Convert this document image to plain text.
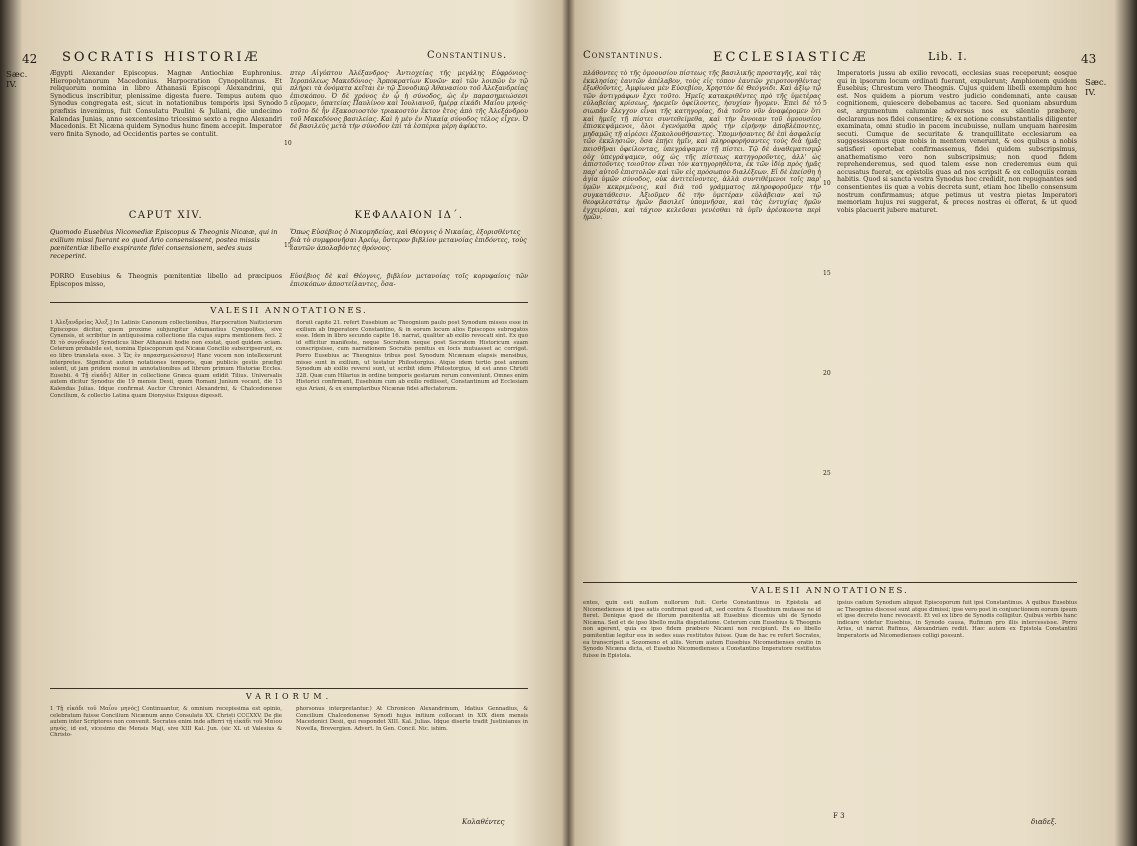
42 SOCRATIS HISTORIÆ	Constantinus.
Sæc. IV.
Ægypti Alexander Episcopus. Magnæ Antiochiæ Euphronius. Hieropolytanorum Macedonius. Harpocration Cynopolitanus. Et reliquorum nomina in libro Athanasii Episcopi Alexandrini, qui Synodicus inscribitur, plenissime digesta fuere. Tempus autem quo Synodus congregata est, sicut in notationibus temporis ipsi Synodo præfixis invenimus, fuit Consulatu Paulini & Juliani, die undecimo Kalendas Junias, anno sexcentesimo tricesimo sexto a regno Alexandri Macedonis. Et Nicæna quidem Synodus hunc finem accepit. Imperator vero finita Synodo, ad Occidentis partes se contulit.
πτερ Αἰγύπτου Ἀλέξανδρος· Ἀντιοχείας τῆς μεγάλης Εὐφρόνιος· Ἱεροπόλεως Μακεδόνιος· Ἁρποκρατίων Κυνῶν· καὶ τῶν λοιπῶν ἐν τῷ πλήρει τὰ ὀνόματα κεῖται ἐν τῷ Συνοδικῷ Ἀθανασίου τοῦ Ἀλεξανδρείας ἐπισκόπου. Ὁ δὲ χρόνος ἐν ᾧ ἡ σύνοδος, ὡς ἐν παρασημειώσεσι εὕρομεν, ὑπατείας Παυλίνου καὶ Ἰουλιανοῦ, ἡμέρᾳ εἰκάδι Μαΐου μηνός· τοῦτο δὲ ἦν ἑξακοσιοστὸν τριακοστὸν ἕκτον ἔτος ἀπὸ τῆς Ἀλεξάνδρου τοῦ Μακεδόνος βασιλείας. Καὶ ἡ μὲν ἐν Νικαίᾳ σύνοδος τέλος εἶχεν. Ὁ δὲ βασιλεὺς μετὰ τὴν σύνοδον ἐπὶ τὰ ἑσπέρια μέρη ἀφίκετο.
CAPUT XIV.	ΚΕΦΑΛΑΙΟΝ ΙΔ΄.
Quomodo Eusebius Nicomediæ Episcopus & Theognis Nicææ, qui in exilium missi fuerant eo quod Ario consensissent, postea missis pœnitentiæ libello exspirante fidei consensionem, sedes suas receperint.
Ὅπως Εὐσέβιος ὁ Νικομηδείας, καὶ Θέογνις ὁ Νικαίας, ἐξορισθέντες διὰ τὸ συμφρονῆσαι Ἀρείῳ, ὕστερον βιβλίον μετανοίας ἐπιδόντες, τοὺς ἑαυτῶν ἀπολαβόντες θρόνους.
PORRO Eusebius & Theognis pœnitentiæ libello ad præcipuos Episcopos misso,
Εὐσέβιος δὲ καὶ Θέογνις, βιβλίον μετανοίας τοῖς κορυφαίοις τῶν ἐπισκόπων ἀποστείλαντες, ὅσα-
VALESII ANNOTATIONES.
1 Ἀλεξανδρείας Ἀλεξ.] In Latinis Canonum collectionibus, Harpocration Naiticiorum Episcopus dicitur, quem proxime subjungitur Adamantius Cynopolites, sive Cynensis, ut scribitur in antiquissima collectione illa cujus supra mentionem feci. 2 Et τὸ συνοδικόν] Synodicus liber Athanasii hodie non exstat, quod quidem sciam. Ceterum probabile est, nomina Episcoporum qui Nicææ Concilio subscripserunt, ex eo libro translata esse. 3 Ὥς ἐν παρασημειώσεσιν] Hanc vocem non intellexerunt interpretes. Significat autem notationes temporis, quæ publicis gestis præfigi solent, ut jam pridem monui in annotationibus ad librum primum Historiæ Eccles. Eusebii. 4 Τῇ εἰκάδι] Aliter in collectione Græca quam edidit Tilius. Universalis autem dicitur Synodus die 19 mensis Desii, quem Romani Junium vocant, die 13 Kalendas Julias. Idque confirmat Auctor Chronici Alexandrini, & Chalcedonense Concilium, & collectio Latina quam Dionysius Exiguus digessit.
floruit capite 21. refert Eusebium ac Theognium paulo post Synodum missos esse in exilium ab Imperatore Constantino, & in eorum locum alios Episcopos subrogatos esse. Idem in libro secundo capite 16. narrat, qualiter ab exilio revocati sint. Ex quo id efficitur manifeste, neque Socratem neque post Socratem Historicum suam conscripsisse, cum narrationem Socratis penitus ex locis mutuasset ac corrigat. Porro Eusebius ac Theognius tribus post Synodum Nicænam elapsis mensibus, misso sunt in exilium, ut testatur Philostorgius. Atque idem tertio post annum Synodum ab exilio reversi sunt, ut scribit idem Philostorgius, id est anno Christi 328. Quæ cum Hilarius in ordine temporis gestarum rerum conveniunt. Omnes enim Historici confirmant, Eusebium cum ab exilio rediisset, Constantinum ad Ecclesiam ejus Ariani, & ex exemplaribus Nicænæ fidei affectatorum.
VARIORUM.
1 Τῇ εἰκάδι τοῦ Μαΐου μηνός] Continuantur, & omnium recepissima est opinio, celebratum fuisse Concilium Nicænum anno Consulatu XX. Christi CCCXXV. De die autem inter Scriptores non convenit. Socrates enim inde afferri τῇ εἰκάδι τοῦ Μαΐου μηνός, id est, vicesimo die Mensis Maji, sive XIII Kal. Jun. (sic XL ut Valesius & Christo-
phorsonus interpretantur.) At Chronicon Alexandrinum, Idatius Gennadius, & Concilium Chalcedonense Synodi hujus initium collocant in XIX diem mensis Macedonici Desii, qui respondet XIII. Kal. Julias. Idque diserte tradit Justinianus in Novella, Brevergien. Advert. In Gen. Concil. Nic. ishim.
Κολαθέντες
5
10
15
Constantinus.	ECCLESIASTICÆ	Lib. I.	43
Sæc. IV.
πλάθοντες τὸ τῆς ὁμοουσίου πίστεως τῆς βασιλικῆς προσταγῆς, καὶ τὰς ἐκκλησίας ἑαυτῶν ἀπέλαβον, τοὺς εἰς τόπον ἑαυτῶν χειροτονηθέντας ἐξωθοῦντες, Ἀμφίωνα μὲν Εὐσεβίου, Χρηστὸν δὲ Θεόγνιδι. Καὶ ἀξίῳ τῷ τῶν ἀντιγράφων ἔχει τοῦτο. Ἡμεῖς κατακριθέντες πρὸ τῆς ὑμετέρας εὐλαβείας κρίσεως, ἠρεμεῖν ὀφείλοντες, ἡσυχίαν ἤγομεν. Ἐπεὶ δὲ τὸ σιωπᾶν ἔλεγχον εἶναι τῆς κατηγορίας, διὰ τοῦτο νῦν ἀναφέρομεν ὅτι καὶ ἡμεῖς τῇ πίστει συντεθείμεθα, καὶ τὴν ἔννοιαν τοῦ ὁμοουσίου ἐπισκεψάμενοι, ὅλοι ἐγενόμεθα πρὸς τὴν εἰρήνην ἀποβλέποντες, μηδαμῶς τῇ αἱρέσει ἐξακολουθήσαντες. Ὑπομνήσαντες δὲ ἐπὶ ἀσφαλείᾳ τῶν ἐκκλησιῶν, ὅσα ἐπῄει ἡμῖν, καὶ πληροφορήσαντες τοὺς διὰ ἡμᾶς πεισθῆναι ὀφείλοντας, ὑπεγράψαμεν τῇ πίστει. Τῷ δὲ ἀναθεματισμῷ οὐχ ὑπεγράψαμεν, οὐχ ὡς τῆς πίστεως κατηγοροῦντες, ἀλλ' ὡς ἀπιστοῦντες τοιοῦτον εἶναι τὸν κατηγορηθέντα, ἐκ τῶν ἰδίᾳ πρὸς ἡμᾶς παρ' αὐτοῦ ἐπιστολῶν καὶ τῶν εἰς πρόσωπον διαλέξεων. Εἰ δὲ ἐπείσθη ἡ ἁγία ὑμῶν σύνοδος, οὐκ ἀντιτείνοντες, ἀλλὰ συντιθέμενοι τοῖς παρ' ὑμῶν κεκριμένοις, καὶ διὰ τοῦ γράμματος πληροφοροῦμεν τὴν συγκατάθεσιν. Ἀξιοῦμεν δὲ τὴν ὑμετέραν εὐλάβειαν καὶ τῷ θεοφιλεστάτῳ ἡμῶν βασιλεῖ ὑπομνῆσαι, καὶ τὰς ἐντυχίας ἡμῶν ἐγχειρίσαι, καὶ τάχιον κελεῦσαι γενέσθαι τὰ ὑμῖν ἀρέσκοντα περὶ ἡμῶν.
Imperatoris jussu ab exilio revocati, ecclesias suas receperunt; eosque qui in ipsorum locum ordinati fuerant, expulerunt; Amphionem quidem Eusebius; Chrestum vero Theognis. Cujus quidem libelli exemplum hoc est. Nos quidem a piorum vestro judicio condemnati, ante causæ cognitionem, quiescere debebamus ac tacere. Sed quoniam absurdum est, argumentum calumniæ adversus nos ex silentio præbere, declaramus nos fidei consentire; & ex notione consubstantialis diligenter examinata, omni studio in pacem incubuisse, nullam unquam hæresim secuti. Cumque de securitate & tranquillitate ecclesiarum ea suggessissemus quæ nobis in mentem venerunt, & eos quibus a nobis satisfieri oportebat confirmassemus, fidei quidem subscripsimus, anathematismo vero non subscripsimus; non quod fidem reprehenderemus, sed quod talem esse non crederemus eum qui accusatus fuerat, ex epistolis quas ad nos scripsit & ex colloquiis coram habitis. Quod si sancta vestra Synodus hoc credidit, non repugnantes sed consentientes iis quæ a vobis decreta sunt, etiam hoc libello consensum nostrum confirmamus; atque petimus ut vestra pietas Imperatori memoriam hujus rei suggerat, & preces nostras ei offerat, & ut quod vobis placuerit jubere maturet.
VALESII ANNOTATIONES.
entes, quin esti nullum nullorum fuit. Certe Constantinus in Epistola ad Nicomedienses id ipse satis confirmat quod ait, sed contra & Eusebium mutasse ne id fieret. Denique quod de illorum pœnitentia ait Eusebius dicemus ubi de Synodo Nicæna. Sed et de ipso libello multa disputatione. Ceterum cum Eusebius & Theognis non agerent, quia ex ipso fidem præbere Nicæni non recipiunt. Ex eo libello pœnitentiæ legitur eos in sedes suas restitutos fuisse. Quæ de hac re refert Socrates, ea transcripsit a Sozomeno et aliis. Verum autem Eusebius Nicomedienses oratio in Synodo Nicæna dicta, et Eusebio Nicomedienses a Constantino Imperatore restitutos fuisse in Epistola.
ipsius cælum Synodum aliquot Episcoporum fuit ipsi Constantinus. A quibus Eusebius ac Theognius discessi sunt atque dimissi; ipse vero post in conjunctionem eorum ipsum et ipse decreto hunc revocavit. Et vel ex libro de Synodis colligitur. Quibus verbis hanc indicare videtur Eusebius, in Synodo causa, Rufinum pro illis intercessisse. Porro Arius, ut narrat Rufinus, Alexandriam rediit. Hæc autem ex Epistola Constantini Imperatoris ad Nicomedienses colligi possunt.
F 3
διαδεξ.
5
10
15
20
25
